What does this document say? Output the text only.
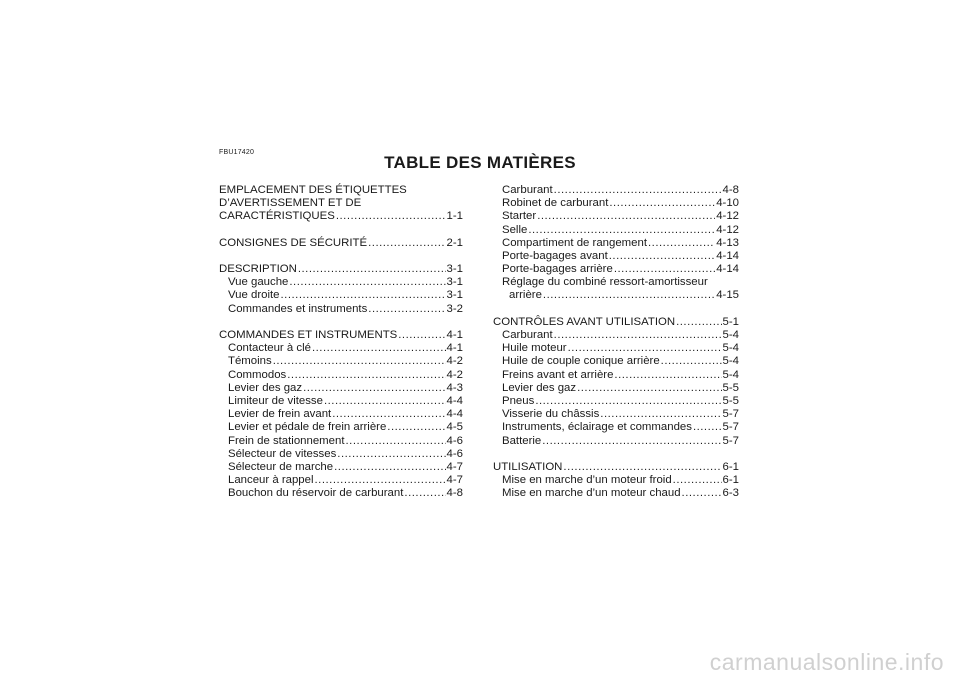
FBU17420
TABLE DES MATIÈRES
EMPLACEMENT DES ÉTIQUETTES
D’AVERTISSEMENT ET DE
CARACTÉRISTIQUES .....	1-1
CONSIGNES DE SÉCURITÉ .....	2-1
DESCRIPTION .....	3-1
Vue gauche .....	3-1
Vue droite .....	3-1
Commandes et instruments .....	3-2
COMMANDES ET INSTRUMENTS .....	4-1
Contacteur à clé .....	4-1
Témoins .....	4-2
Commodos .....	4-2
Levier des gaz .....	4-3
Limiteur de vitesse .....	4-4
Levier de frein avant .....	4-4
Levier et pédale de frein arrière .....	4-5
Frein de stationnement .....	4-6
Sélecteur de vitesses .....	4-6
Sélecteur de marche .....	4-7
Lanceur à rappel .....	4-7
Bouchon du réservoir de carburant .....	4-8
Carburant .....	4-8
Robinet de carburant .....	4-10
Starter .....	4-12
Selle .....	4-12
Compartiment de rangement .....	4-13
Porte-bagages avant .....	4-14
Porte-bagages arrière .....	4-14
Réglage du combiné ressort-amortisseur
arrière .....	4-15
CONTRÔLES AVANT UTILISATION .....	5-1
Carburant .....	5-4
Huile moteur .....	5-4
Huile de couple conique arrière .....	5-4
Freins avant et arrière .....	5-4
Levier des gaz .....	5-5
Pneus .....	5-5
Visserie du châssis .....	5-7
Instruments, éclairage et commandes .....	5-7
Batterie .....	5-7
UTILISATION .....	6-1
Mise en marche d’un moteur froid .....	6-1
Mise en marche d’un moteur chaud .....	6-3
carmanualsonline.info
